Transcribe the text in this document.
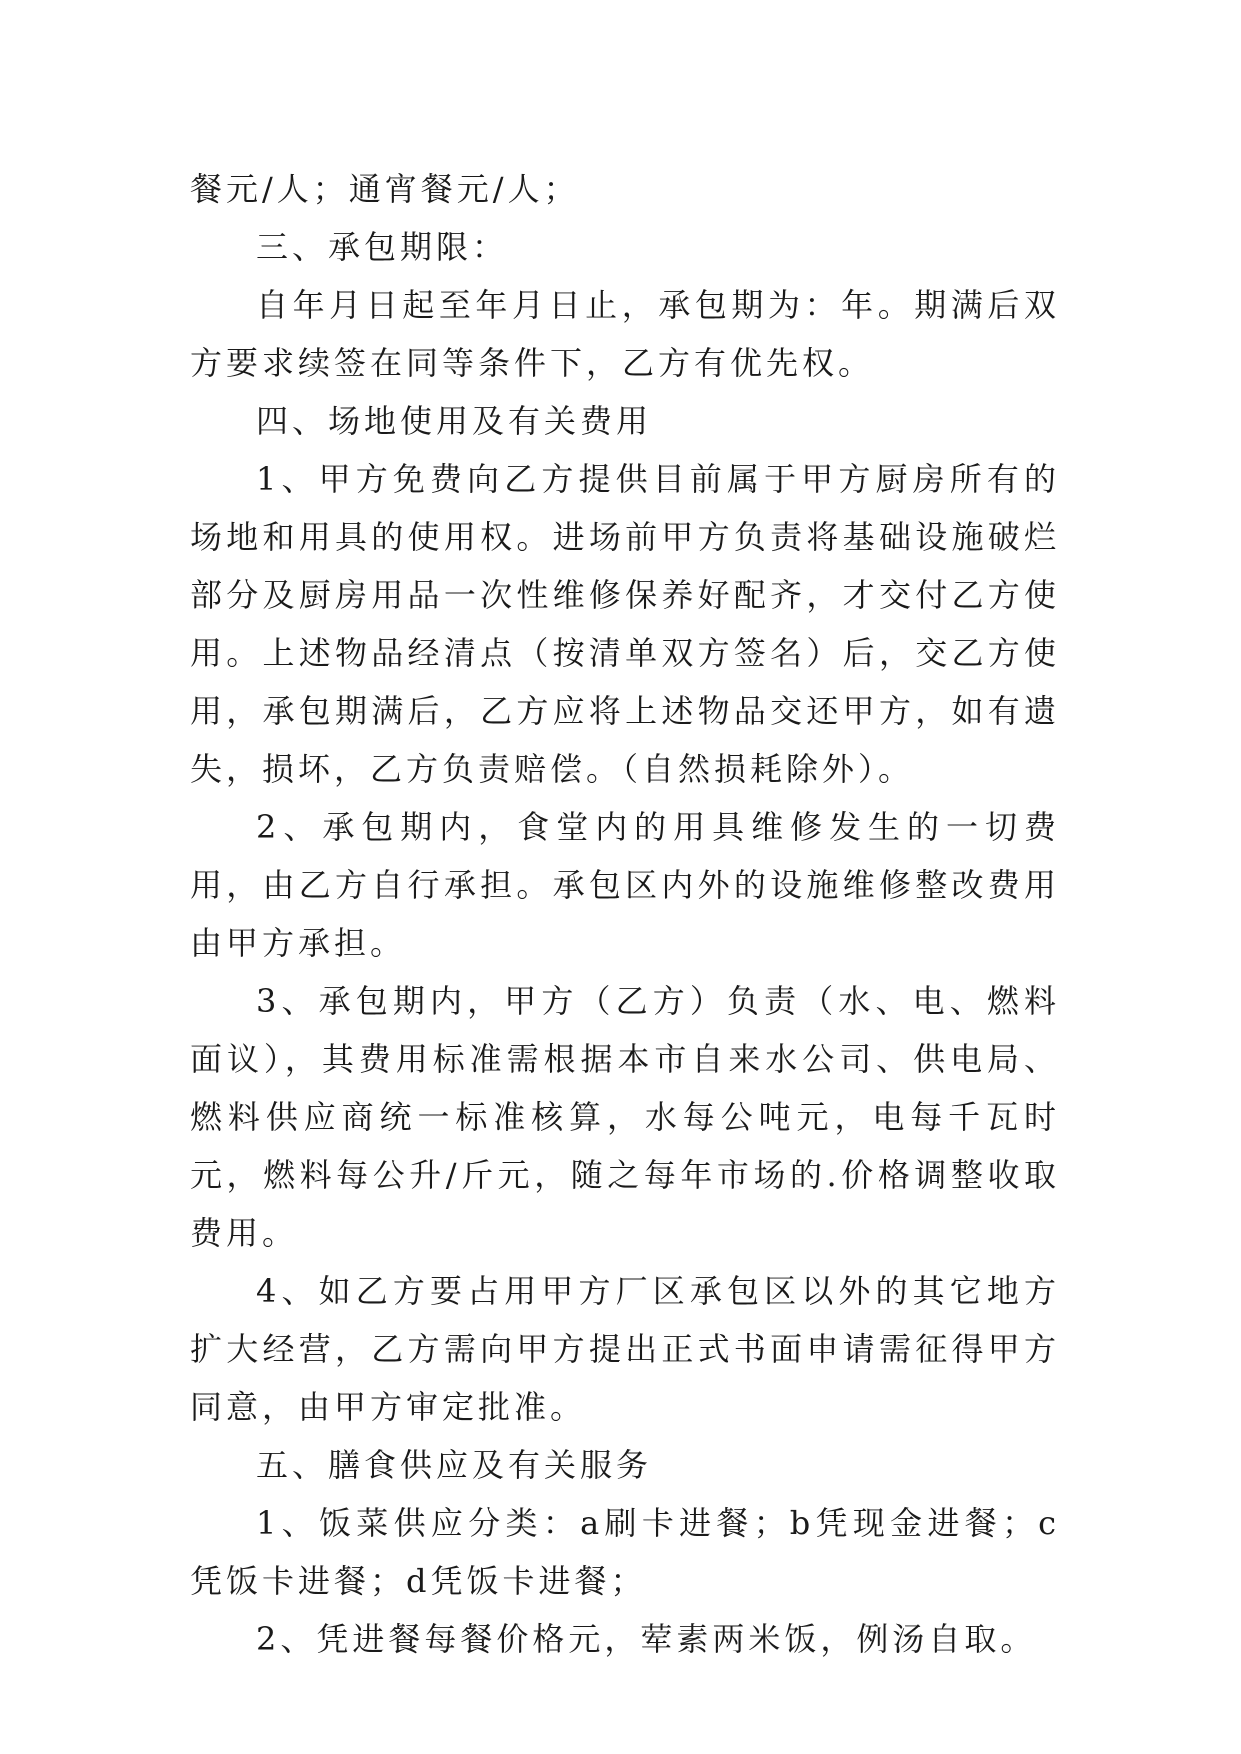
餐元/人；通宵餐元/人；

三、承包期限：

自年月日起至年月日止，承包期为：年。期满后双方要求续签在同等条件下，乙方有优先权。

四、场地使用及有关费用

1、甲方免费向乙方提供目前属于甲方厨房所有的场地和用具的使用权。进场前甲方负责将基础设施破烂部分及厨房用品一次性维修保养好配齐，才交付乙方使用。上述物品经清点（按清单双方签名）后，交乙方使用，承包期满后，乙方应将上述物品交还甲方，如有遗失，损坏，乙方负责赔偿。（自然损耗除外）。

2、承包期内，食堂内的用具维修发生的一切费用，由乙方自行承担。承包区内外的设施维修整改费用由甲方承担。

3、承包期内，甲方（乙方）负责（水、电、燃料面议），其费用标准需根据本市自来水公司、供电局、燃料供应商统一标准核算，水每公吨元，电每千瓦时元，燃料每公升/斤元，随之每年市场的.价格调整收取费用。

4、如乙方要占用甲方厂区承包区以外的其它地方扩大经营，乙方需向甲方提出正式书面申请需征得甲方同意，由甲方审定批准。

五、膳食供应及有关服务

1、饭菜供应分类：a刷卡进餐；b凭现金进餐；c凭饭卡进餐；d凭饭卡进餐；

2、凭进餐每餐价格元，荤素两米饭，例汤自取。
